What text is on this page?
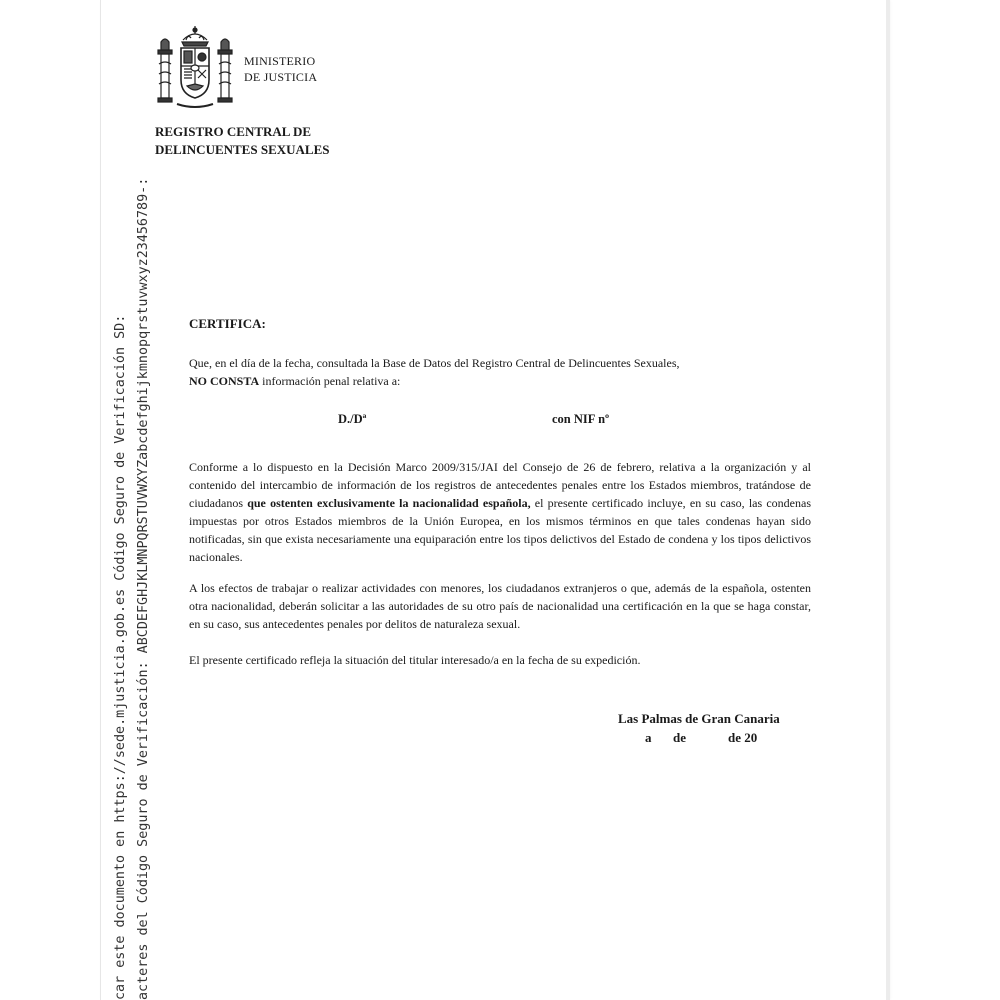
car este documento en https://sede.mjusticia.gob.es Código Seguro de Verificación SD: acteres del Código Seguro de Verificación: ABCDEFGHJKLMNPQRSTUVWXYZabcdefghijkmnopqrstuvwxyz23456789-:
MINISTERIO
DE JUSTICIA
REGISTRO CENTRAL DE
DELINCUENTES SEXUALES
CERTIFICA:
Que, en el día de la fecha, consultada la Base de Datos del Registro Central de Delincuentes Sexuales,
NO CONSTA información penal relativa a:
D./Dª	con NIF nº
Conforme a lo dispuesto en la Decisión Marco 2009/315/JAI del Consejo de 26 de febrero, relativa a la organización y al contenido del intercambio de información de los registros de antecedentes penales entre los Estados miembros, tratándose de ciudadanos que ostenten exclusivamente la nacionalidad española, el presente certificado incluye, en su caso, las condenas impuestas por otros Estados miembros de la Unión Europea, en los mismos términos en que tales condenas hayan sido notificadas, sin que exista necesariamente una equiparación entre los tipos delictivos del Estado de condena y los tipos delictivos nacionales.
A los efectos de trabajar o realizar actividades con menores, los ciudadanos extranjeros o que, además de la española, ostenten otra nacionalidad, deberán solicitar a las autoridades de su otro país de nacionalidad una certificación en la que se haga constar, en su caso, sus antecedentes penales por delitos de naturaleza sexual.
El presente certificado refleja la situación del titular interesado/a en la fecha de su expedición.
Las Palmas de Gran Canaria
a de	de 20
